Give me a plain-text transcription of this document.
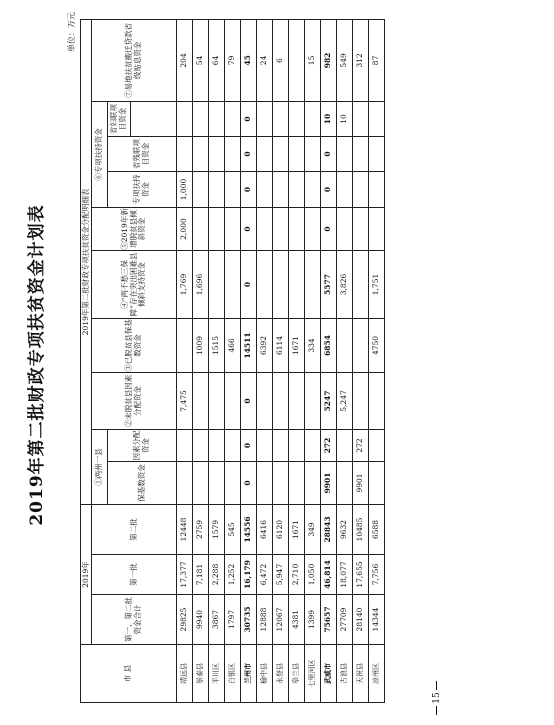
2019年第二批财政专项扶贫资金计划表
单位：万元
15
市 县	2019年			2019年第二批财政专项扶贫资金分配明细表									
	第一、第二批资金合计	第一批	第二批	①两州一县		②未脱贫县因素分配资金	③已脱贫县保基数资金	④“两不愁三保障”存在突出困难县倾斜支持资金	⑤2019年新增脱贫县倾斜资金	⑥专项扶持资金			⑦易地扶贫搬迁贷款省级贴息资金
				保基数资金	因素分配资金					专项扶持资金	省残联项目资金	省妇联项目资金	

靖远县	29825	17,377	12448			7,475		1,769	2,000	1,000			204
景泰县	9940	7,181	2759				1009	1,696					54
平川区	3867	2,288	1579				1515						64
白银区	1797	1,252	545				466						79
兰州市	30735	16,179	14556	0	0	0	14511	0	0	0	0	0	45
榆中县	12888	6,472	6416				6392						24
永登县	12067	5,947	6120				6114						6
皋兰县	4381	2,710	1671				1671						
七里河区	1399	1,050	349				334						15
武威市	75657	46,814	28843	9901	272	5247	6854	5577	0	0	0	10	982
古浪县	27709	18,077	9632			5,247		3,826				10	549
天祝县	28140	17,655	10485	9901	272								312
凉州区	14344	7,756	6588				4750	1,751					87
